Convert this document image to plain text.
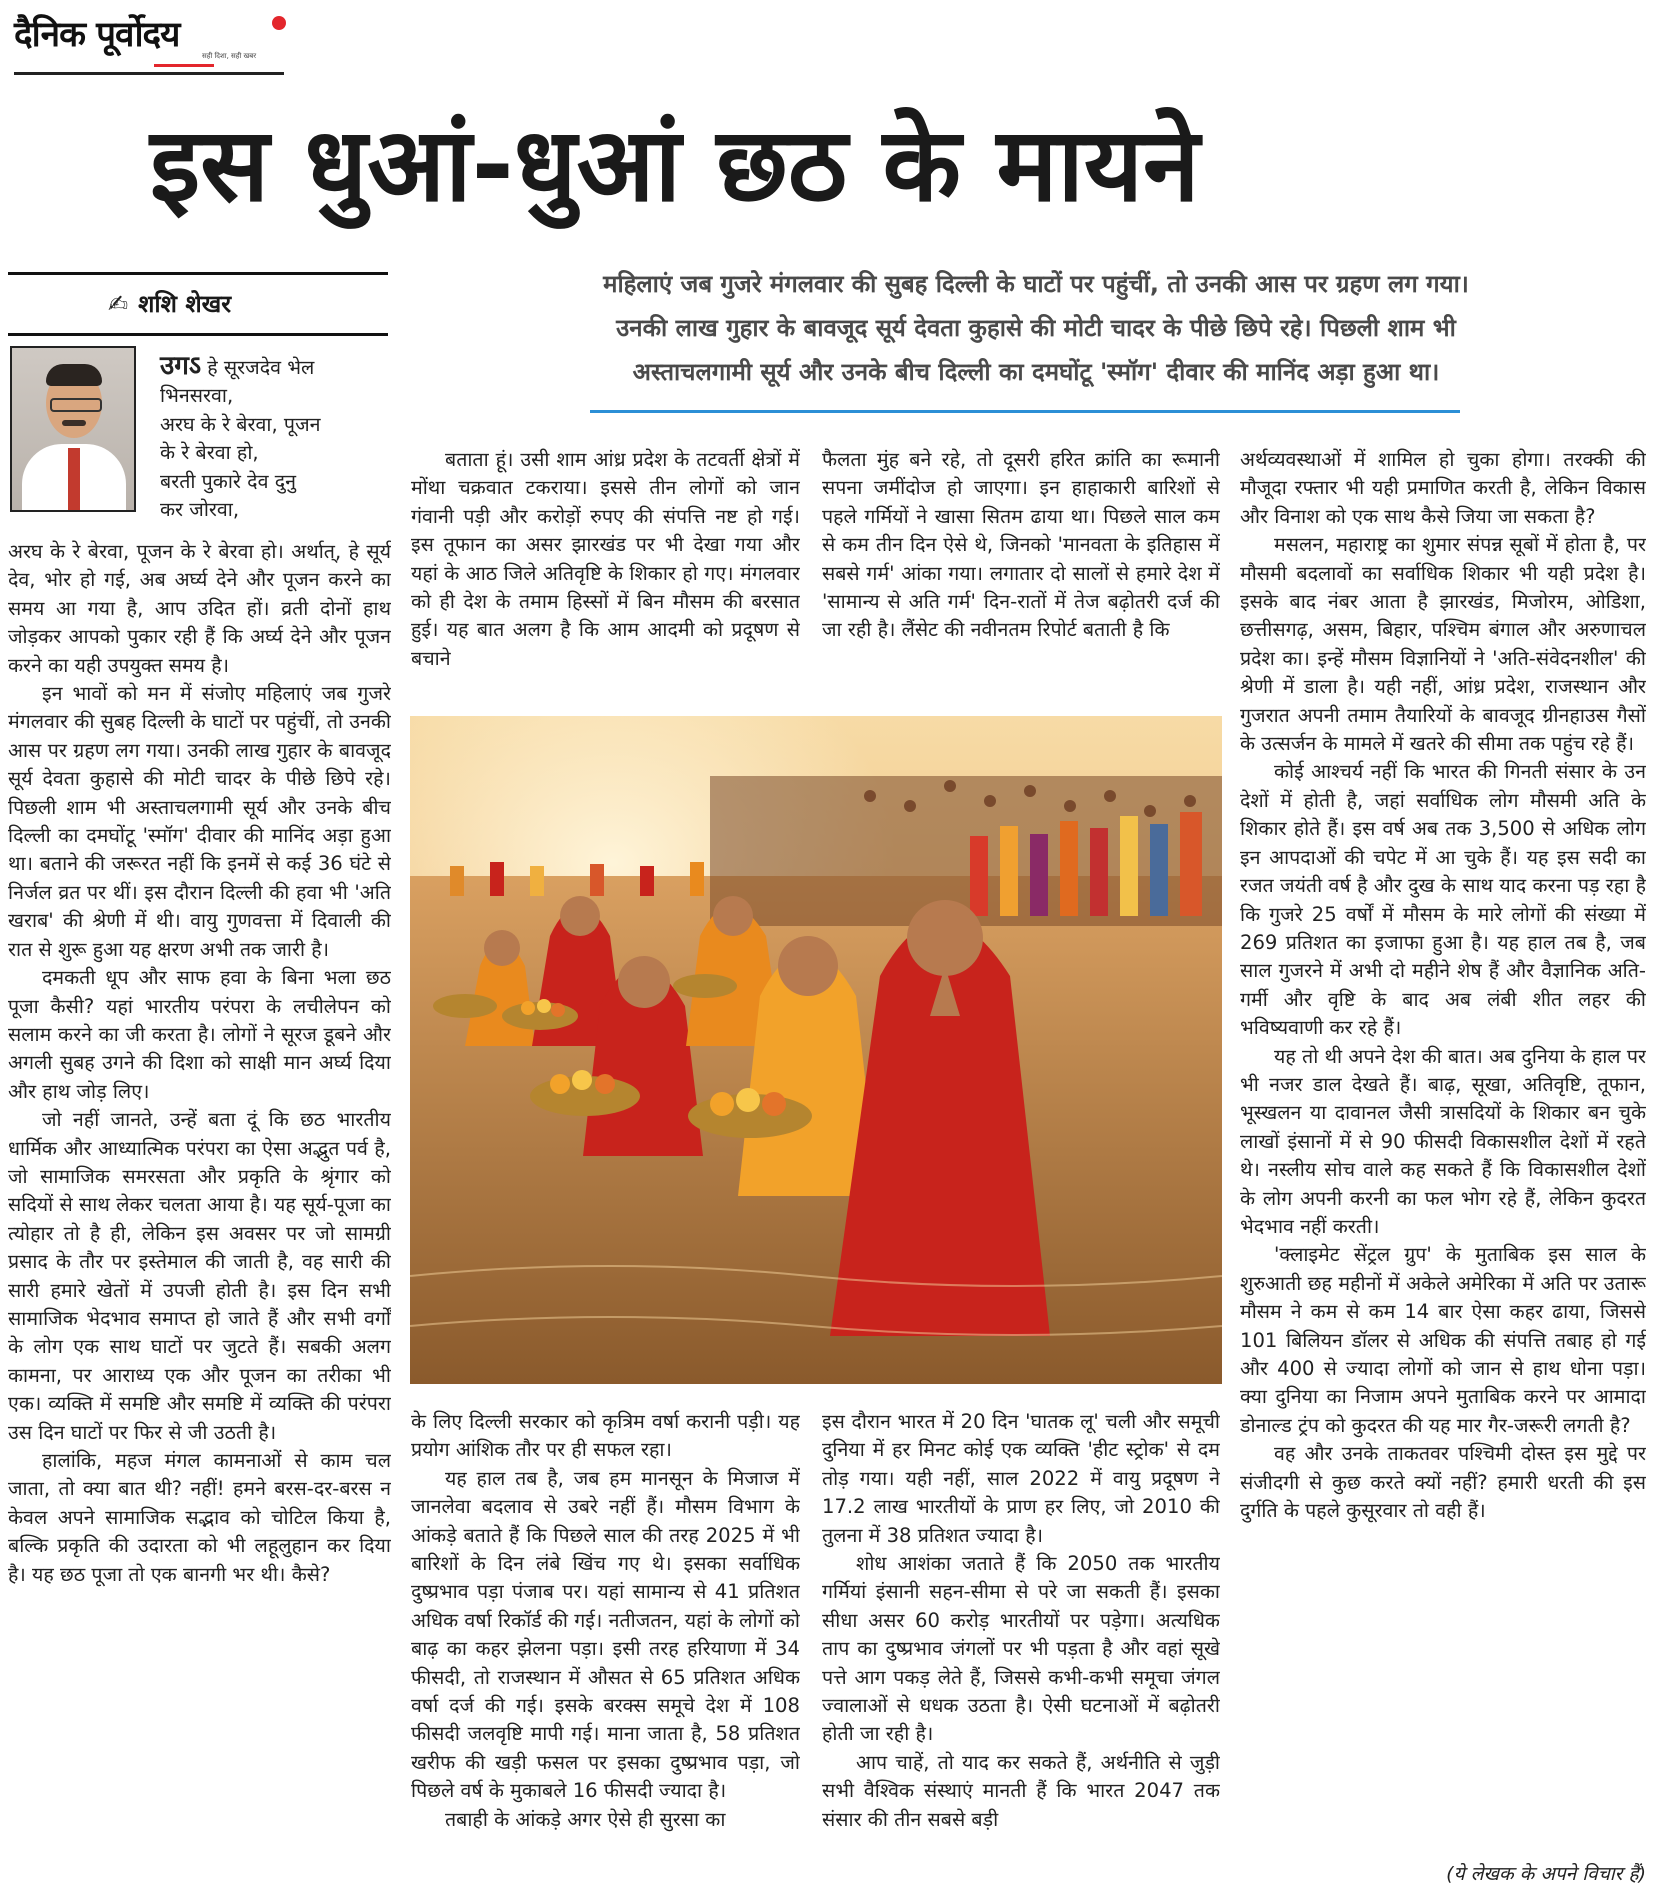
दैनिक पूर्वोदय
सही दिशा, सही खबर
इस धुआं-धुआं छठ के मायने
✍ शशि शेखर
महिलाएं जब गुजरे मंगलवार की सुबह दिल्ली के घाटों पर पहुंचीं, तो उनकी आस पर ग्रहण लग गया।
उनकी लाख गुहार के बावजूद सूर्य देवता कुहासे की मोटी चादर के पीछे छिपे रहे। पिछली शाम भी
अस्ताचलगामी सूर्य और उनके बीच दिल्ली का दमघोंटू 'स्मॉग' दीवार की मानिंद अड़ा हुआ था।
उगऽ हे सूरजदेव भेल
भिनसरवा,
अरघ के रे बेरवा, पूजन
के रे बेरवा हो,
बरती पुकारे देव दुनु
कर जोरवा,

अरघ के रे बेरवा, पूजन के रे बेरवा हो। अर्थात्, हे सूर्य देव, भोर हो गई, अब अर्घ्य देने और पूजन करने का समय आ गया है, आप उदित हों। व्रती दोनों हाथ जोड़कर आपको पुकार रही हैं कि अर्घ्य देने और पूजन करने का यही उपयुक्त समय है।

इन भावों को मन में संजोए महिलाएं जब गुजरे मंगलवार की सुबह दिल्ली के घाटों पर पहुंचीं, तो उनकी आस पर ग्रहण लग गया। उनकी लाख गुहार के बावजूद सूर्य देवता कुहासे की मोटी चादर के पीछे छिपे रहे। पिछली शाम भी अस्ताचलगामी सूर्य और उनके बीच दिल्ली का दमघोंटू 'स्मॉग' दीवार की मानिंद अड़ा हुआ था। बताने की जरूरत नहीं कि इनमें से कई 36 घंटे से निर्जल व्रत पर थीं। इस दौरान दिल्ली की हवा भी 'अति खराब' की श्रेणी में थी। वायु गुणवत्ता में दिवाली की रात से शुरू हुआ यह क्षरण अभी तक जारी है।

दमकती धूप और साफ हवा के बिना भला छठ पूजा कैसी? यहां भारतीय परंपरा के लचीलेपन को सलाम करने का जी करता है। लोगों ने सूरज डूबने और अगली सुबह उगने की दिशा को साक्षी मान अर्घ्य दिया और हाथ जोड़ लिए।

जो नहीं जानते, उन्हें बता दूं कि छठ भारतीय धार्मिक और आध्यात्मिक परंपरा का ऐसा अद्भुत पर्व है, जो सामाजिक समरसता और प्रकृति के श्रृंगार को सदियों से साथ लेकर चलता आया है। यह सूर्य-पूजा का त्योहार तो है ही, लेकिन इस अवसर पर जो सामग्री प्रसाद के तौर पर इस्तेमाल की जाती है, वह सारी की सारी हमारे खेतों में उपजी होती है। इस दिन सभी सामाजिक भेदभाव समाप्त हो जाते हैं और सभी वर्गों के लोग एक साथ घाटों पर जुटते हैं। सबकी अलग कामना, पर आराध्य एक और पूजन का तरीका भी एक। व्यक्ति में समष्टि और समष्टि में व्यक्ति की परंपरा उस दिन घाटों पर फिर से जी उठती है।

हालांकि, महज मंगल कामनाओं से काम चल जाता, तो क्या बात थी? नहीं! हमने बरस-दर-बरस न केवल अपने सामाजिक सद्भाव को चोटिल किया है, बल्कि प्रकृति की उदारता को भी लहूलुहान कर दिया है। यह छठ पूजा तो एक बानगी भर थी। कैसे?

बताता हूं। उसी शाम आंध्र प्रदेश के तटवर्ती क्षेत्रों में मोंथा चक्रवात टकराया। इससे तीन लोगों को जान गंवानी पड़ी और करोड़ों रुपए की संपत्ति नष्ट हो गई। इस तूफान का असर झारखंड पर भी देखा गया और यहां के आठ जिले अतिवृष्टि के शिकार हो गए। मंगलवार को ही देश के तमाम हिस्सों में बिन मौसम की बरसात हुई। यह बात अलग है कि आम आदमी को प्रदूषण से बचाने

फैलता मुंह बने रहे, तो दूसरी हरित क्रांति का रूमानी सपना जमींदोज हो जाएगा। इन हाहाकारी बारिशों से पहले गर्मियों ने खासा सितम ढाया था। पिछले साल कम से कम तीन दिन ऐसे थे, जिनको 'मानवता के इतिहास में सबसे गर्म' आंका गया। लगातार दो सालों से हमारे देश में 'सामान्य से अति गर्म' दिन-रातों में तेज बढ़ोतरी दर्ज की जा रही है। लैंसेट की नवीनतम रिपोर्ट बताती है कि

के लिए दिल्ली सरकार को कृत्रिम वर्षा करानी पड़ी। यह प्रयोग आंशिक तौर पर ही सफल रहा।

यह हाल तब है, जब हम मानसून के मिजाज में जानलेवा बदलाव से उबरे नहीं हैं। मौसम विभाग के आंकड़े बताते हैं कि पिछले साल की तरह 2025 में भी बारिशों के दिन लंबे खिंच गए थे। इसका सर्वाधिक दुष्प्रभाव पड़ा पंजाब पर। यहां सामान्य से 41 प्रतिशत अधिक वर्षा रिकॉर्ड की गई। नतीजतन, यहां के लोगों को बाढ़ का कहर झेलना पड़ा। इसी तरह हरियाणा में 34 फीसदी, तो राजस्थान में औसत से 65 प्रतिशत अधिक वर्षा दर्ज की गई। इसके बरक्स समूचे देश में 108 फीसदी जलवृष्टि मापी गई। माना जाता है, 58 प्रतिशत खरीफ की खड़ी फसल पर इसका दुष्प्रभाव पड़ा, जो पिछले वर्ष के मुकाबले 16 फीसदी ज्यादा है।

तबाही के आंकड़े अगर ऐसे ही सुरसा का

इस दौरान भारत में 20 दिन 'घातक लू' चली और समूची दुनिया में हर मिनट कोई एक व्यक्ति 'हीट स्ट्रोक' से दम तोड़ गया। यही नहीं, साल 2022 में वायु प्रदूषण ने 17.2 लाख भारतीयों के प्राण हर लिए, जो 2010 की तुलना में 38 प्रतिशत ज्यादा है।

शोध आशंका जताते हैं कि 2050 तक भारतीय गर्मियां इंसानी सहन-सीमा से परे जा सकती हैं। इसका सीधा असर 60 करोड़ भारतीयों पर पड़ेगा। अत्यधिक ताप का दुष्प्रभाव जंगलों पर भी पड़ता है और वहां सूखे पत्ते आग पकड़ लेते हैं, जिससे कभी-कभी समूचा जंगल ज्वालाओं से धधक उठता है। ऐसी घटनाओं में बढ़ोतरी होती जा रही है।

आप चाहें, तो याद कर सकते हैं, अर्थनीति से जुड़ी सभी वैश्विक संस्थाएं मानती हैं कि भारत 2047 तक संसार की तीन सबसे बड़ी

अर्थव्यवस्थाओं में शामिल हो चुका होगा। तरक्की की मौजूदा रफ्तार भी यही प्रमाणित करती है, लेकिन विकास और विनाश को एक साथ कैसे जिया जा सकता है?

मसलन, महाराष्ट्र का शुमार संपन्न सूबों में होता है, पर मौसमी बदलावों का सर्वाधिक शिकार भी यही प्रदेश है। इसके बाद नंबर आता है झारखंड, मिजोरम, ओडिशा, छत्तीसगढ़, असम, बिहार, पश्चिम बंगाल और अरुणाचल प्रदेश का। इन्हें मौसम विज्ञानियों ने 'अति-संवेदनशील' की श्रेणी में डाला है। यही नहीं, आंध्र प्रदेश, राजस्थान और गुजरात अपनी तमाम तैयारियों के बावजूद ग्रीनहाउस गैसों के उत्सर्जन के मामले में खतरे की सीमा तक पहुंच रहे हैं।

कोई आश्चर्य नहीं कि भारत की गिनती संसार के उन देशों में होती है, जहां सर्वाधिक लोग मौसमी अति के शिकार होते हैं। इस वर्ष अब तक 3,500 से अधिक लोग इन आपदाओं की चपेट में आ चुके हैं। यह इस सदी का रजत जयंती वर्ष है और दुख के साथ याद करना पड़ रहा है कि गुजरे 25 वर्षों में मौसम के मारे लोगों की संख्या में 269 प्रतिशत का इजाफा हुआ है। यह हाल तब है, जब साल गुजरने में अभी दो महीने शेष हैं और वैज्ञानिक अति-गर्मी और वृष्टि के बाद अब लंबी शीत लहर की भविष्यवाणी कर रहे हैं।

यह तो थी अपने देश की बात। अब दुनिया के हाल पर भी नजर डाल देखते हैं। बाढ़, सूखा, अतिवृष्टि, तूफान, भूस्खलन या दावानल जैसी त्रासदियों के शिकार बन चुके लाखों इंसानों में से 90 फीसदी विकासशील देशों में रहते थे। नस्लीय सोच वाले कह सकते हैं कि विकासशील देशों के लोग अपनी करनी का फल भोग रहे हैं, लेकिन कुदरत भेदभाव नहीं करती।

'क्लाइमेट सेंट्रल ग्रुप' के मुताबिक इस साल के शुरुआती छह महीनों में अकेले अमेरिका में अति पर उतारू मौसम ने कम से कम 14 बार ऐसा कहर ढाया, जिससे 101 बिलियन डॉलर से अधिक की संपत्ति तबाह हो गई और 400 से ज्यादा लोगों को जान से हाथ धोना पड़ा। क्या दुनिया का निजाम अपने मुताबिक करने पर आमादा डोनाल्ड ट्रंप को कुदरत की यह मार गैर-जरूरी लगती है?

वह और उनके ताकतवर पश्चिमी दोस्त इस मुद्दे पर संजीदगी से कुछ करते क्यों नहीं? हमारी धरती की इस दुर्गति के पहले कुसूरवार तो वही हैं।

(ये लेखक के अपने विचार हैं)
